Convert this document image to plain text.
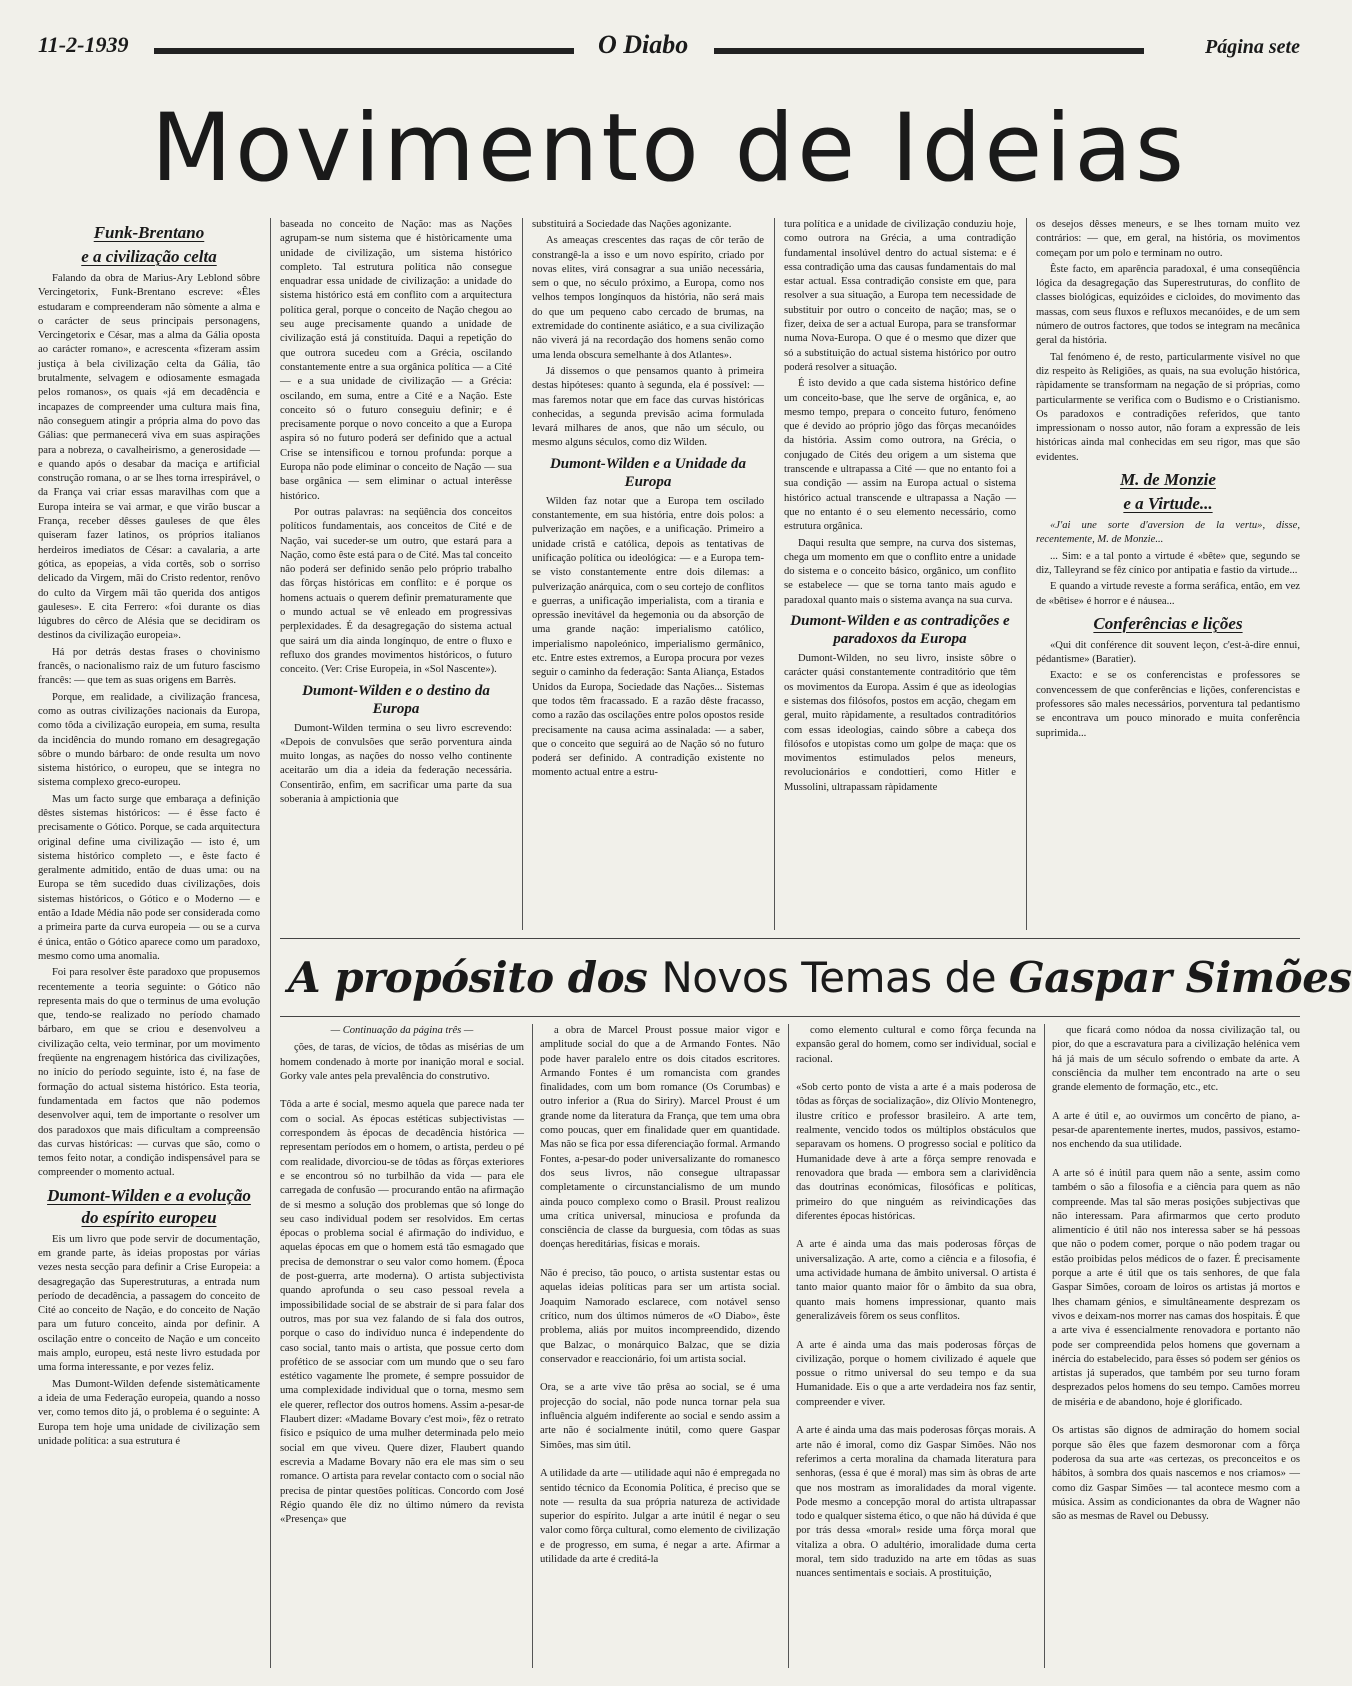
11-2-1939	O Diabo	Página sete
Movimento de Ideias
Funk-Brentano
e a civilização celta

Falando da obra de Marius-Ary Leblond sôbre Vercingetorix, Funk-Brentano escreve: «Êles estudaram e compreenderam não sòmente a alma e o carácter de seus principais personagens, Vercingetorix e César, mas a alma da Gália oposta ao carácter romano», e acrescenta «fizeram assim justiça à bela civilização celta da Gália, tão brutalmente, selvagem e odiosamente esmagada pelos romanos», os quais «já em decadência e incapazes de compreender uma cultura mais fina, não conseguem atingir a própria alma do povo das Gálias: que permanecerá viva em suas aspirações para a nobreza, o cavalheirismo, a generosidade — e quando após o desabar da maciça e artificial construção romana, o ar se lhes torna irrespirável, o da França vai criar essas maravilhas com que a Europa inteira se vai armar, e que virão buscar a França, receber dêsses gauleses de que êles quiseram fazer latinos, os próprios italianos herdeiros imediatos de César: a cavalaria, a arte gótica, as epopeias, a vida cortês, sob o sorriso delicado da Virgem, mãi do Cristo redentor, renôvo do culto da Virgem mãi tão querida dos antigos gauleses». E cita Ferrero: «foi durante os dias lúgubres do cêrco de Alésia que se decidiram os destinos da civilização europeia».

Há por detrás destas frases o chovinismo francês, o nacionalismo raiz de um futuro fascismo francês: — que tem as suas origens em Barrès.

Porque, em realidade, a civilização francesa, como as outras civilizações nacionais da Europa, como tôda a civilização europeia, em suma, resulta da incidência do mundo romano em desagregação sôbre o mundo bárbaro: de onde resulta um novo sistema histórico, o europeu, que se integra no sistema complexo greco-europeu.

Mas um facto surge que embaraça a definição dêstes sistemas históricos: — é êsse facto é precisamente o Gótico. Porque, se cada arquitectura original define uma civilização — isto é, um sistema histórico completo —, e êste facto é geralmente admitido, então de duas uma: ou na Europa se têm sucedido duas civilizações, dois sistemas históricos, o Gótico e o Moderno — e então a Idade Média não pode ser considerada como a primeira parte da curva europeia — ou se a curva é única, então o Gótico aparece como um paradoxo, mesmo como uma anomalia.

Foi para resolver êste paradoxo que propusemos recentemente a teoria seguinte: o Gótico não representa mais do que o terminus de uma evolução que, tendo-se realizado no período chamado bárbaro, em que se criou e desenvolveu a civilização celta, veio terminar, por um movimento freqüente na engrenagem histórica das civilizações, no início do período seguinte, isto é, na fase de formação do actual sistema histórico. Esta teoria, fundamentada em factos que não podemos desenvolver aqui, tem de importante o resolver um dos paradoxos que mais dificultam a compreensão das curvas históricas: — curvas que são, como o temos feito notar, a condição indispensável para se compreender o momento actual.

Dumont-Wilden e a evolução do espírito europeu

Eis um livro que pode servir de documentação, em grande parte, às ideias propostas por várias vezes nesta secção para definir a Crise Europeia: a desagregação das Superestruturas, a entrada num período de decadência, a passagem do conceito de Cité ao conceito de Nação, e do conceito de Nação para um futuro conceito, ainda por definir. A oscilação entre o conceito de Nação e um conceito mais amplo, europeu, está neste livro estudada por uma forma interessante, e por vezes feliz.

Mas Dumont-Wilden defende sistemàticamente a ideia de uma Federação europeia, quando a nosso ver, como temos dito já, o problema é o seguinte: A Europa tem hoje uma unidade de civilização sem unidade política: a sua estrutura é

baseada no conceito de Nação: mas as Nações agrupam-se num sistema que é històricamente uma unidade de civilização, um sistema histórico completo. Tal estrutura política não consegue enquadrar essa unidade de civilização: a unidade do sistema histórico está em conflito com a arquitectura política geral, porque o conceito de Nação chegou ao seu auge precisamente quando a unidade de civilização está já constituída. Daqui a repetição do que outrora sucedeu com a Grécia, oscilando constantemente entre a sua orgânica política — a Cité — e a sua unidade de civilização — a Grécia: oscilando, em suma, entre a Cité e a Nação. Este conceito só o futuro conseguiu definir; e é precisamente porque o novo conceito a que a Europa aspira só no futuro poderá ser definido que a actual Crise se intensificou e tornou profunda: porque a Europa não pode eliminar o conceito de Nação — sua base orgânica — sem eliminar o actual interêsse histórico.

Por outras palavras: na seqüência dos conceitos políticos fundamentais, aos conceitos de Cité e de Nação, vai suceder-se um outro, que estará para a Nação, como êste está para o de Cité. Mas tal conceito não poderá ser definido senão pelo próprio trabalho das fôrças históricas em conflito: e é porque os homens actuais o querem definir prematuramente que o mundo actual se vê enleado em progressivas perplexidades. É da desagregação do sistema actual que sairá um dia ainda longínquo, de entre o fluxo e refluxo dos grandes movimentos históricos, o futuro conceito. (Ver: Crise Europeia, in «Sol Nascente»).

Dumont-Wilden e o destino da Europa

Dumont-Wilden termina o seu livro escrevendo: «Depois de convulsões que serão porventura ainda muito longas, as nações do nosso velho continente aceitarão um dia a ideia da federação necessária. Consentirão, enfim, em sacrificar uma parte da sua soberania à ampictionia que

substituirá a Sociedade das Nações agonizante.

As ameaças crescentes das raças de côr terão de constrangê-la a isso e um novo espírito, criado por novas elites, virá consagrar a sua união necessária, sem o que, no século próximo, a Europa, como nos velhos tempos longínquos da história, não será mais do que um pequeno cabo cercado de brumas, na extremidade do continente asiático, e a sua civilização não viverá já na recordação dos homens senão como uma lenda obscura semelhante à dos Atlantes».

Já dissemos o que pensamos quanto à primeira destas hipóteses: quanto à segunda, ela é possível: — mas faremos notar que em face das curvas históricas conhecidas, a segunda previsão acima formulada levará milhares de anos, que não um século, ou mesmo alguns séculos, como diz Wilden.

Dumont-Wilden e a Unidade da Europa

Wilden faz notar que a Europa tem oscilado constantemente, em sua história, entre dois polos: a pulverização em nações, e a unificação. Primeiro a unidade cristã e católica, depois as tentativas de unificação política ou ideológica: — e a Europa tem-se visto constantemente entre dois dilemas: a pulverização anárquica, com o seu cortejo de conflitos e guerras, a unificação imperialista, com a tirania e opressão inevitável da hegemonia ou da absorção de uma grande nação: imperialismo católico, imperialismo napoleónico, imperialismo germânico, etc. Entre estes extremos, a Europa procura por vezes seguir o caminho da federação: Santa Aliança, Estados Unidos da Europa, Sociedade das Nações... Sistemas que todos têm fracassado. E a razão dêste fracasso, como a razão das oscilações entre polos opostos reside precisamente na causa acima assinalada: — a saber, que o conceito que seguirá ao de Nação só no futuro poderá ser definido. A contradição existente no momento actual entre a estru-

tura política e a unidade de civilização conduziu hoje, como outrora na Grécia, a uma contradição fundamental insolúvel dentro do actual sistema: e é essa contradição uma das causas fundamentais do mal estar actual. Essa contradição consiste em que, para resolver a sua situação, a Europa tem necessidade de substituir por outro o conceito de nação; mas, se o fizer, deixa de ser a actual Europa, para se transformar numa Nova-Europa. O que é o mesmo que dizer que só a substituição do actual sistema histórico por outro poderá resolver a situação.

É isto devido a que cada sistema histórico define um conceito-base, que lhe serve de orgânica, e, ao mesmo tempo, prepara o conceito futuro, fenómeno que é devido ao próprio jôgo das fôrças mecanóides da história. Assim como outrora, na Grécia, o conjugado de Cités deu origem a um sistema que transcende e ultrapassa a Cité — que no entanto foi a sua condição — assim na Europa actual o sistema histórico actual transcende e ultrapassa a Nação — que no entanto é o seu elemento necessário, como estrutura orgânica.

Daqui resulta que sempre, na curva dos sistemas, chega um momento em que o conflito entre a unidade do sistema e o conceito básico, orgânico, um conflito se estabelece — que se torna tanto mais agudo e paradoxal quanto mais o sistema avança na sua curva.

Dumont-Wilden e as contradições e paradoxos da Europa

Dumont-Wilden, no seu livro, insiste sôbre o carácter quási constantemente contraditório que têm os movimentos da Europa. Assim é que as ideologias e sistemas dos filósofos, postos em acção, chegam em geral, muito ràpidamente, a resultados contraditórios com essas ideologias, caindo sôbre a cabeça dos filósofos e utopistas como um golpe de maça: que os movimentos estimulados pelos meneurs, revolucionários e condottieri, como Hitler e Mussolini, ultrapassam ràpidamente

os desejos dêsses meneurs, e se lhes tornam muito vez contrários: — que, em geral, na história, os movimentos começam por um polo e terminam no outro.

Êste facto, em aparência paradoxal, é uma conseqüência lógica da desagregação das Superestruturas, do conflito de classes biológicas, equizóides e cicloides, do movimento das massas, com seus fluxos e refluxos mecanóides, e de um sem número de outros factores, que todos se integram na mecânica geral da história.

Tal fenómeno é, de resto, particularmente visível no que diz respeito às Religiões, as quais, na sua evolução histórica, ràpidamente se transformam na negação de si próprias, como particularmente se verifica com o Budismo e o Cristianismo. Os paradoxos e contradições referidos, que tanto impressionam o nosso autor, não foram a expressão de leis históricas ainda mal conhecidas em seu rigor, mas que são evidentes.

M. de Monzie
e a Virtude...

«J'ai une sorte d'aversion de la vertu», disse, recentemente, M. de Monzie...

... Sim: e a tal ponto a virtude é «bête» que, segundo se diz, Talleyrand se fêz cínico por antipatia e fastio da virtude...

E quando a virtude reveste a forma seráfica, então, em vez de «bêtise» é horror e é náusea...

Conferências e lições

«Qui dit conférence dit souvent leçon, c'est-à-dire ennui, pédantisme» (Baratier).

Exacto: e se os conferencistas e professores se convencessem de que conferências e lições, conferencistas e professores são males necessários, porventura tal pedantismo se encontrava um pouco minorado e muita conferência suprimida...

A propósito dos Novos Temas de Gaspar Simões

— Continuação da página três —

ções, de taras, de vícios, de tôdas as misérias de um homem condenado à morte por inanição moral e social. Gorky vale antes pela prevalência do construtivo.

Tôda a arte é social, mesmo aquela que parece nada ter com o social. As épocas estéticas subjectivistas — correspondem às épocas de decadência histórica — representam períodos em o homem, o artista, perdeu o pé com realidade, divorciou-se de tôdas as fôrças exteriores e se encontrou só no turbilhão da vida — para ele carregada de confusão — procurando então na afirmação de si mesmo a solução dos problemas que só longe do seu caso individual podem ser resolvidos. Em certas épocas o problema social é afirmação do individuo, e aquelas épocas em que o homem está tão esmagado que precisa de demonstrar o seu valor como homem. (Época de post-guerra, arte moderna). O artista subjectivista quando aprofunda o seu caso pessoal revela a impossibilidade social de se abstrair de si para falar dos outros, mas por sua vez falando de si fala dos outros, porque o caso do indivíduo nunca é independente do caso social, tanto mais o artista, que possue certo dom profético de se associar com um mundo que o seu faro estético vagamente lhe promete, é sempre possuidor de uma complexidade individual que o torna, mesmo sem ele querer, reflector dos outros homens. Assim a-pesar-de Flaubert dizer: «Madame Bovary c'est moi», fêz o retrato físico e psíquico de uma mulher determinada pelo meio social em que viveu. Quere dizer, Flaubert quando escrevia a Madame Bovary não era ele mas sim o seu romance. O artista para revelar contacto com o social não precisa de pintar questões políticas. Concordo com José Régio quando êle diz no último número da revista «Presença» que

a obra de Marcel Proust possue maior vigor e amplitude social do que a de Armando Fontes. Não pode haver paralelo entre os dois citados escritores. Armando Fontes é um romancista com grandes finalidades, com um bom romance (Os Corumbas) e outro inferior a (Rua do Siriry). Marcel Proust é um grande nome da literatura da França, que tem uma obra como poucas, quer em finalidade quer em quantidade. Mas não se fica por essa diferenciação formal. Armando Fontes, a-pesar-do poder universalizante do romanesco dos seus livros, não consegue ultrapassar completamente o circunstancialismo de um mundo ainda pouco complexo como o Brasil. Proust realizou uma crítica universal, minuciosa e profunda da consciência de classe da burguesia, com tôdas as suas doenças hereditárias, físicas e morais.

Não é preciso, tão pouco, o artista sustentar estas ou aquelas ideias políticas para ser um artista social. Joaquim Namorado esclarece, com notável senso crítico, num dos últimos números de «O Diabo», êste problema, aliás por muitos incompreendido, dizendo que Balzac, o monárquico Balzac, que se dizia conservador e reaccionário, foi um artista social.

Ora, se a arte vive tão prêsa ao social, se é uma projecção do social, não pode nunca tornar pela sua influência alguém indiferente ao social e sendo assim a arte não é socialmente inútil, como quere Gaspar Simões, mas sim útil.

A utilidade da arte — utilidade aqui não é empregada no sentido técnico da Economia Política, é preciso que se note — resulta da sua própria natureza de actividade superior do espírito. Julgar a arte inútil é negar o seu valor como fôrça cultural, como elemento de civilização e de progresso, em suma, é negar a arte. Afirmar a utilidade da arte é creditá-la

como elemento cultural e como fôrça fecunda na expansão geral do homem, como ser individual, social e racional.

«Sob certo ponto de vista a arte é a mais poderosa de tôdas as fôrças de socialização», diz Olívio Montenegro, ilustre crítico e professor brasileiro. A arte tem, realmente, vencido todos os múltiplos obstáculos que separavam os homens. O progresso social e político da Humanidade deve à arte a fôrça sempre renovada e renovadora que brada — embora sem a clarividência das doutrinas económicas, filosóficas e políticas, primeiro do que ninguém as reivindicações das diferentes épocas históricas.

A arte é ainda uma das mais poderosas fôrças de universalização. A arte, como a ciência e a filosofia, é uma actividade humana de âmbito universal. O artista é tanto maior quanto maior fôr o âmbito da sua obra, quanto mais homens impressionar, quanto mais generalizáveis fôrem os seus conflitos.

A arte é ainda uma das mais poderosas fôrças de civilização, porque o homem civilizado é aquele que possue o ritmo universal do seu tempo e da sua Humanidade. Eis o que a arte verdadeira nos faz sentir, compreender e viver.

A arte é ainda uma das mais poderosas fôrças morais. A arte não é imoral, como diz Gaspar Simões. Não nos referimos a certa moralina da chamada literatura para senhoras, (essa é que é moral) mas sim às obras de arte que nos mostram as imoralidades da moral vigente. Pode mesmo a concepção moral do artista ultrapassar todo e qualquer sistema ético, o que não há dúvida é que por trás dessa «moral» reside uma fôrça moral que vitaliza a obra. O adultério, imoralidade duma certa moral, tem sido traduzido na arte em tôdas as suas nuances sentimentais e sociais. A prostituição,

que ficará como nódoa da nossa civilização tal, ou pior, do que a escravatura para a civilização helénica vem há já mais de um século sofrendo o embate da arte. A consciência da mulher tem encontrado na arte o seu grande elemento de formação, etc., etc.

A arte é útil e, ao ouvirmos um concêrto de piano, a-pesar-de aparentemente inertes, mudos, passivos, estamo-nos enchendo da sua utilidade.

A arte só é inútil para quem não a sente, assim como também o são a filosofia e a ciência para quem as não compreende. Mas tal são meras posições subjectivas que não interessam. Para afirmarmos que certo produto alimentício é útil não nos interessa saber se há pessoas que não o podem comer, porque o não podem tragar ou estão proibidas pelos médicos de o fazer. É precisamente porque a arte é útil que os tais senhores, de que fala Gaspar Simões, coroam de loiros os artistas já mortos e lhes chamam génios, e simultâneamente desprezam os vivos e deixam-nos morrer nas camas dos hospitais. É que a arte viva é essencialmente renovadora e portanto não pode ser compreendida pelos homens que governam a inércia do estabelecido, para êsses só podem ser génios os artistas já superados, que também por seu turno foram desprezados pelos homens do seu tempo. Camões morreu de miséria e de abandono, hoje é glorificado.

Os artistas são dignos de admiração do homem social porque são êles que fazem desmoronar com a fôrça poderosa da sua arte «as certezas, os preconceitos e os hábitos, à sombra dos quais nascemos e nos criamos» — como diz Gaspar Simões — tal acontece mesmo com a música. Assim as condicionantes da obra de Wagner não são as mesmas de Ravel ou Debussy.
